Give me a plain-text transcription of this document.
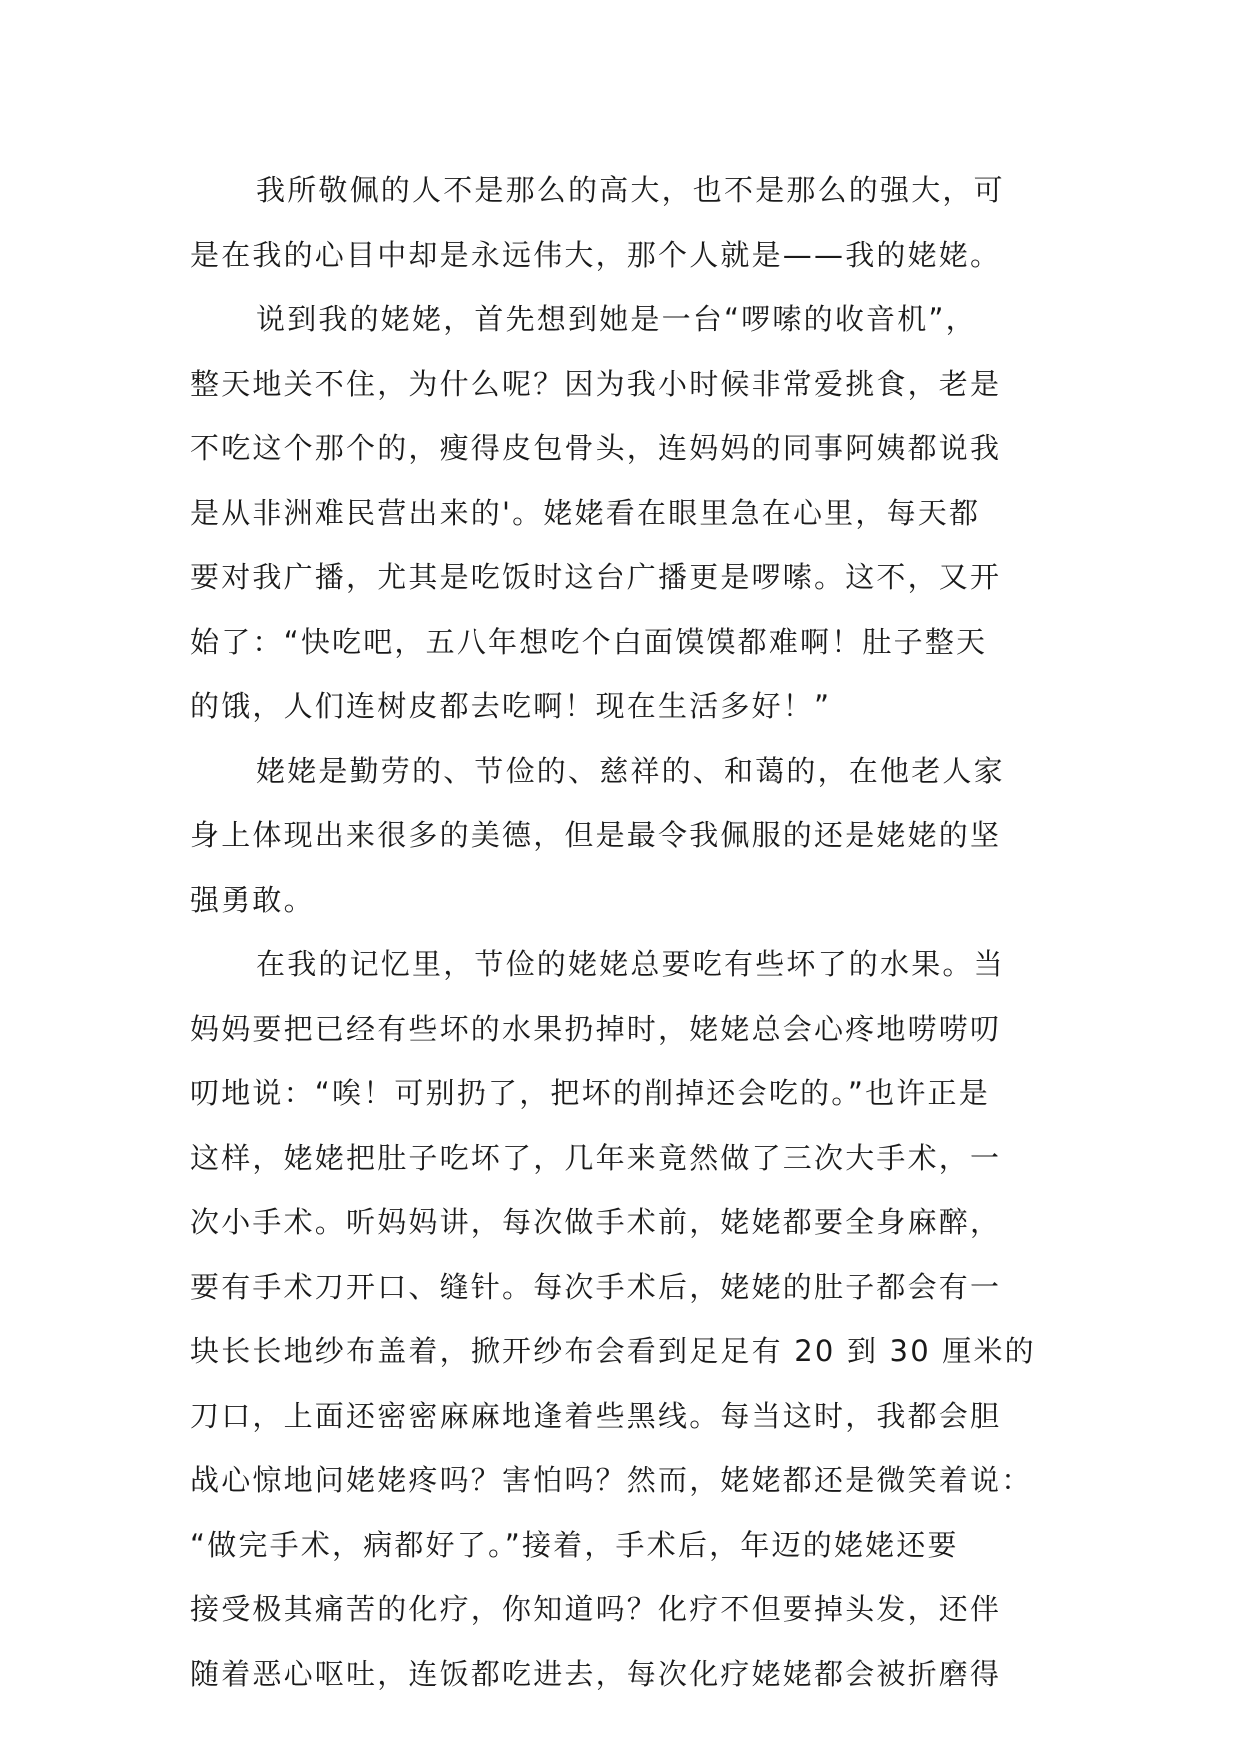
我所敬佩的人不是那么的高大，也不是那么的强大，可
是在我的心目中却是永远伟大，那个人就是——我的姥姥。
说到我的姥姥，首先想到她是一台“啰嗦的收音机”，
整天地关不住，为什么呢？因为我小时候非常爱挑食，老是
不吃这个那个的，瘦得皮包骨头，连妈妈的同事阿姨都说我
是从非洲难民营出来的'。姥姥看在眼里急在心里，每天都
要对我广播，尤其是吃饭时这台广播更是啰嗦。这不，又开
始了：“快吃吧，五八年想吃个白面馍馍都难啊！肚子整天
的饿，人们连树皮都去吃啊！现在生活多好！”
姥姥是勤劳的、节俭的、慈祥的、和蔼的，在他老人家
身上体现出来很多的美德，但是最令我佩服的还是姥姥的坚
强勇敢。
在我的记忆里，节俭的姥姥总要吃有些坏了的水果。当
妈妈要把已经有些坏的水果扔掉时，姥姥总会心疼地唠唠叨
叨地说：“唉！可别扔了，把坏的削掉还会吃的。”也许正是
这样，姥姥把肚子吃坏了，几年来竟然做了三次大手术，一
次小手术。听妈妈讲，每次做手术前，姥姥都要全身麻醉，
要有手术刀开口、缝针。每次手术后，姥姥的肚子都会有一
块长长地纱布盖着，掀开纱布会看到足足有 20 到 30 厘米的
刀口，上面还密密麻麻地逢着些黑线。每当这时，我都会胆
战心惊地问姥姥疼吗？害怕吗？然而，姥姥都还是微笑着说：
“做完手术，病都好了。”接着，手术后，年迈的姥姥还要
接受极其痛苦的化疗，你知道吗？化疗不但要掉头发，还伴
随着恶心呕吐，连饭都吃进去，每次化疗姥姥都会被折磨得
